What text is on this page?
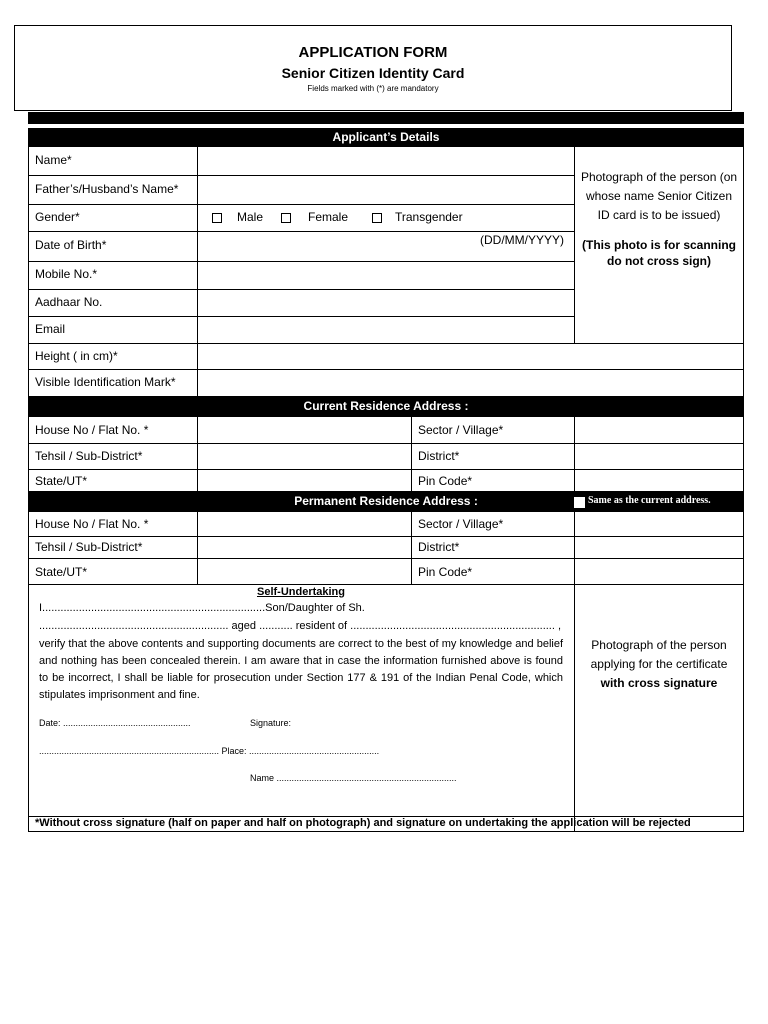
APPLICATION FORM
Senior Citizen Identity Card
Fields marked with (*) are mandatory
Applicant’s Details
Name*
Father’s/Husband’s Name*
Gender*	Male	Female	Transgender
Date of Birth*	(DD/MM/YYYY)
Mobile No.*
Aadhaar No.
Email
Height ( in cm)*
Visible Identification Mark*
Photograph of the person (on whose name Senior Citizen ID card is to be issued)
(This photo is for scanning do not cross sign)
Current Residence Address :
House No / Flat No. *	Sector / Village*
Tehsil / Sub-District*	District*
State/UT*	Pin Code*
Permanent Residence Address :	Same as the current address.
House No / Flat No. *	Sector / Village*
Tehsil / Sub-District*	District*
State/UT*	Pin Code*
Self-Undertaking
I.........................................................................Son/Daughter of Sh.
.............................................................. aged ........... resident of ................................................................... ,
verify that the above contents and supporting documents are correct to the best of my knowledge and belief and nothing has been concealed therein. I am aware that in case the information furnished above is found to be incorrect, I shall be liable for prosecution under Section 177 & 191 of the Indian Penal Code, which stipulates imprisonment and fine.
Date: ...................................................	Signature:
........................................................................ Place: ....................................................
Name ........................................................................
Photograph of the person applying for the certificate
with cross signature
*Without cross signature (half on paper and half on photograph) and signature on undertaking the application will be rejected
